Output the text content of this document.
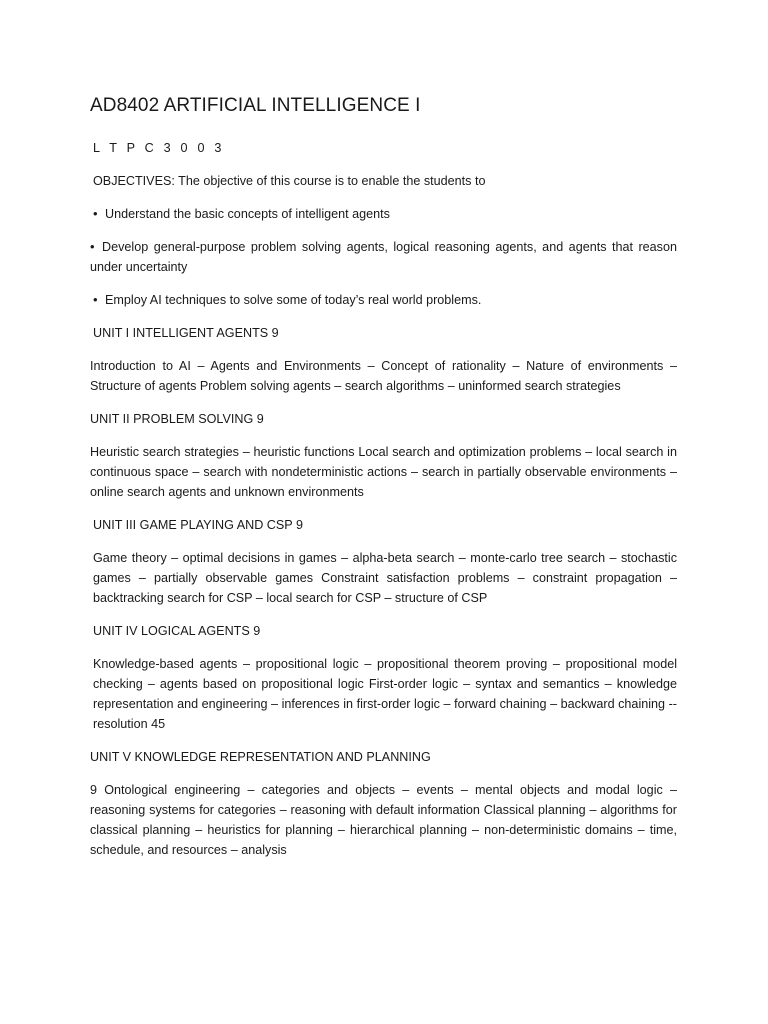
AD8402 ARTIFICIAL INTELLIGENCE I

L T P C 3 0 0 3

OBJECTIVES: The objective of this course is to enable the students to

• Understand the basic concepts of intelligent agents

• Develop general-purpose problem solving agents, logical reasoning agents, and agents that reason under uncertainty

• Employ AI techniques to solve some of today’s real world problems.

UNIT I INTELLIGENT AGENTS 9

Introduction to AI – Agents and Environments – Concept of rationality – Nature of environments – Structure of agents Problem solving agents – search algorithms – uninformed search strategies

UNIT II PROBLEM SOLVING 9

Heuristic search strategies – heuristic functions Local search and optimization problems – local search in continuous space – search with nondeterministic actions – search in partially observable environments – online search agents and unknown environments

UNIT III GAME PLAYING AND CSP 9

Game theory – optimal decisions in games – alpha-beta search – monte-carlo tree search – stochastic games – partially observable games Constraint satisfaction problems – constraint propagation – backtracking search for CSP – local search for CSP – structure of CSP

UNIT IV LOGICAL AGENTS 9

Knowledge-based agents – propositional logic – propositional theorem proving – propositional model checking – agents based on propositional logic First-order logic – syntax and semantics – knowledge representation and engineering – inferences in first-order logic – forward chaining – backward chaining -- resolution 45

UNIT V KNOWLEDGE REPRESENTATION AND PLANNING

9 Ontological engineering – categories and objects – events – mental objects and modal logic – reasoning systems for categories – reasoning with default information Classical planning – algorithms for classical planning – heuristics for planning – hierarchical planning – non-deterministic domains – time, schedule, and resources – analysis
